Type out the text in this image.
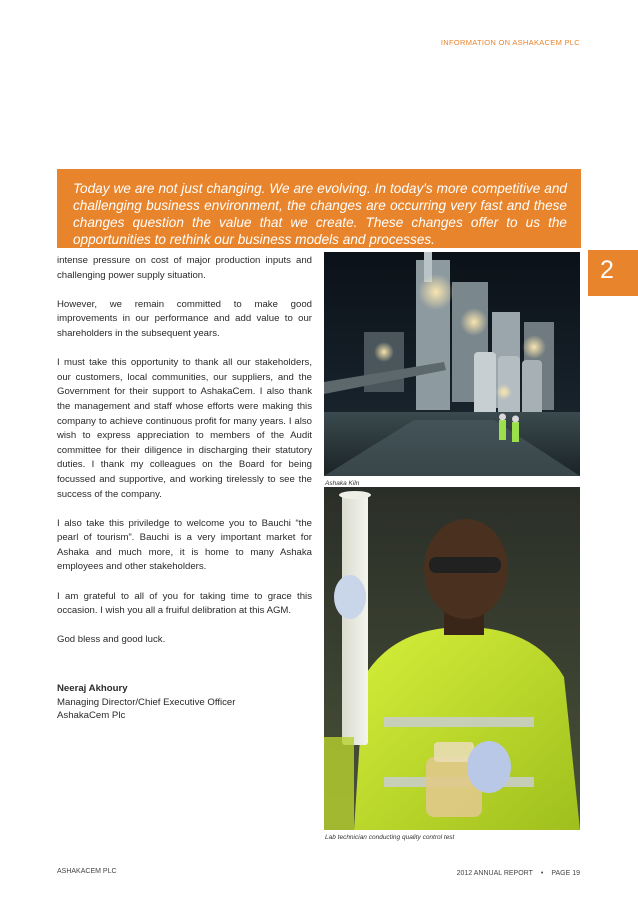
INFORMATION ON ASHAKACEM PLC

Today we are not just changing. We are evolving. In today's more competitive and challenging business environment, the changes are occurring very fast and these changes question the value that we create. These changes offer to us the opportunities to rethink our business models and processes.

2

intense pressure on cost of major production inputs and challenging power supply situation.

However, we remain committed to make good improvements in our performance and add value to our shareholders in the subsequent years.

I must take this opportunity to thank all our stakeholders, our customers, local communities, our suppliers, and the Government for their support to AshakaCem. I also thank the management and staff whose efforts were making this company to achieve continuous profit for many years. I also wish to express appreciation to members of the Audit committee for their diligence in discharging their statutory duties. I thank my colleagues on the Board for being focussed and supportive, and working tirelessly to see the success of the company.

I also take this priviledge to welcome you to Bauchi “the pearl of tourism”. Bauchi is a very important market for Ashaka and much more, it is home to many Ashaka employees and other stakeholders.

I am grateful to all of you for taking time to grace this occasion. I wish you all a fruiful delibration at this AGM.

God bless and good luck.

Neeraj Akhoury
Managing Director/Chief Executive Officer
AshakaCem Plc
Ashaka Kiln
Lab technician conducting quality control test
ASHAKACEM PLC	2012 ANNUAL REPORT • PAGE 19
